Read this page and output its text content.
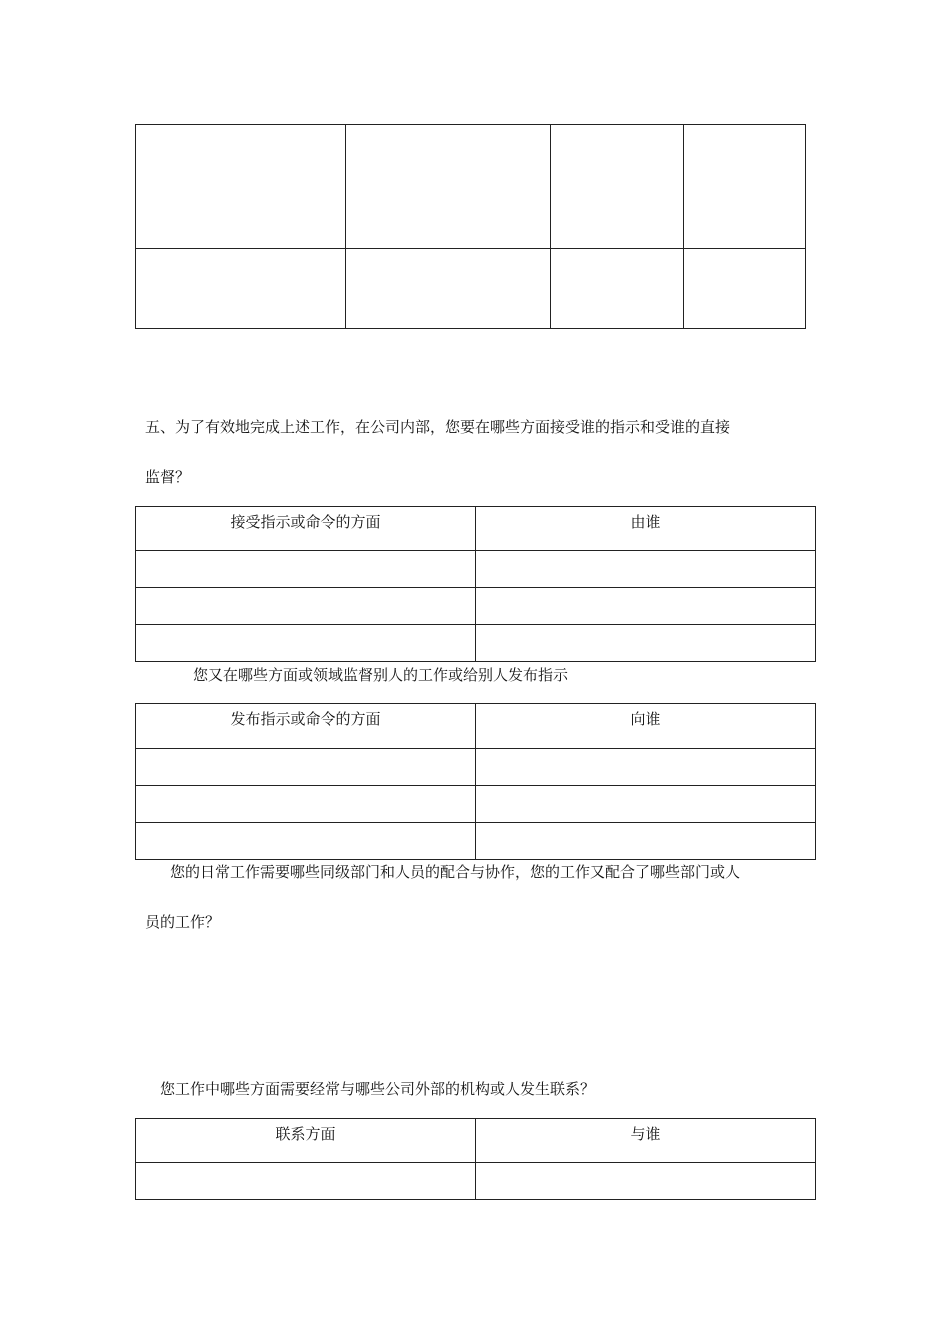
五、为了有效地完成上述工作，在公司内部，您要在哪些方面接受谁的指示和受谁的直接

监督？

接受指示或命令的方面	由谁

您又在哪些方面或领域监督别人的工作或给别人发布指示

发布指示或命令的方面	向谁

您的日常工作需要哪些同级部门和人员的配合与协作，您的工作又配合了哪些部门或人

员的工作？

您工作中哪些方面需要经常与哪些公司外部的机构或人发生联系？

联系方面	与谁
